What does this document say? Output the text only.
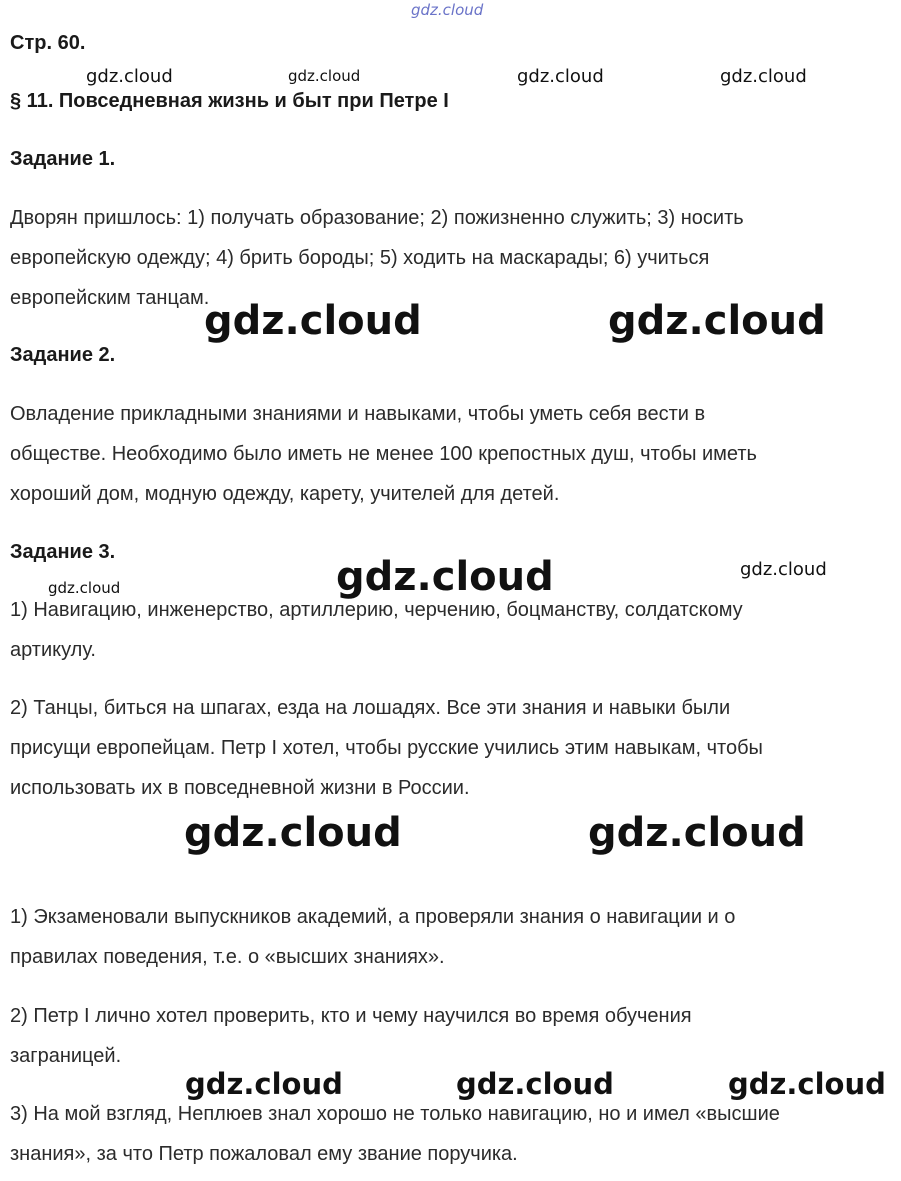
gdz.cloud
Стр. 60.
§ 11. Повседневная жизнь и быт при Петре I
Задание 1.
Дворян пришлось: 1) получать образование; 2) пожизненно служить; 3) носить
европейскую одежду; 4) брить бороды; 5) ходить на маскарады; 6) учиться
европейским танцам.
Задание 2.
Овладение прикладными знаниями и навыками, чтобы уметь себя вести в
обществе. Необходимо было иметь не менее 100 крепостных душ, чтобы иметь
хороший дом, модную одежду, карету, учителей для детей.
Задание 3.
1) Навигацию, инженерство, артиллерию, черчению, боцманству, солдатскому
артикулу.
2) Танцы, биться на шпагах, езда на лошадях. Все эти знания и навыки были
присущи европейцам. Петр I хотел, чтобы русские учились этим навыкам, чтобы
использовать их в повседневной жизни в России.
1) Экзаменовали выпускников академий, а проверяли знания о навигации и о
правилах поведения, т.е. о «высших знаниях».
2) Петр I лично хотел проверить, кто и чему научился во время обучения
заграницей.
3) На мой взгляд, Неплюев знал хорошо не только навигацию, но и имел «высшие
знания», за что Петр пожаловал ему звание поручика.
gdz.cloud	gdz.cloud	gdz.cloud	gdz.cloud
gdz.cloud	gdz.cloud
gdz.cloud	gdz.cloud
gdz.cloud
gdz.cloud	gdz.cloud
gdz.cloud	gdz.cloud	gdz.cloud
